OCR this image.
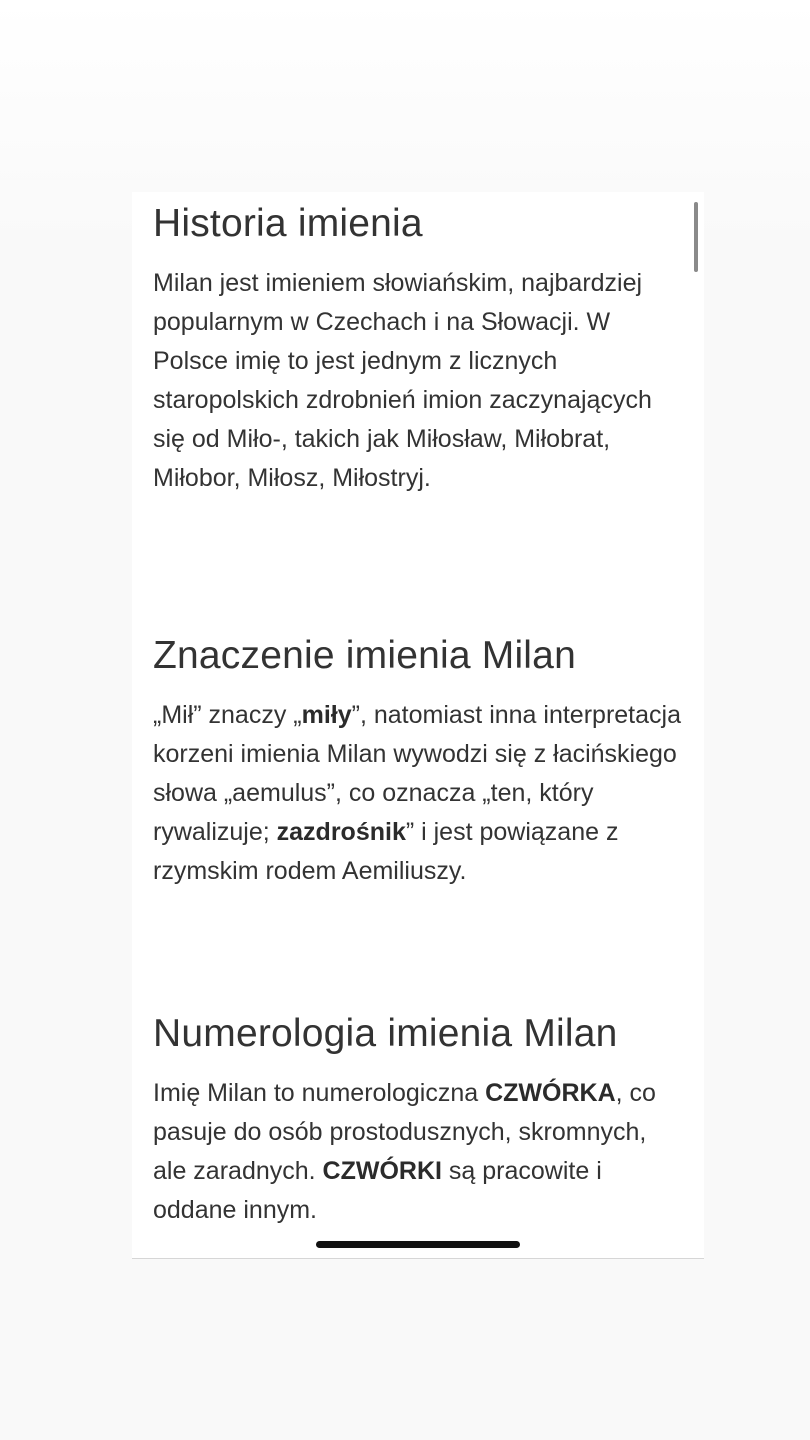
Historia imienia

Milan jest imieniem słowiańskim, najbardziej popularnym w Czechach i na Słowacji. W Polsce imię to jest jednym z licznych staropolskich zdrobnień imion zaczynających się od Miło-, takich jak Miłosław, Miłobrat, Miłobor, Miłosz, Miłostryj.

Znaczenie imienia Milan

„Mił” znaczy „miły”, natomiast inna interpretacja korzeni imienia Milan wywodzi się z łacińskiego słowa „aemulus”, co oznacza „ten, który rywalizuje; zazdrośnik” i jest powiązane z rzymskim rodem Aemiliuszy.

Numerologia imienia Milan

Imię Milan to numerologiczna CZWÓRKA, co pasuje do osób prostodusznych, skromnych, ale zaradnych. CZWÓRKI są pracowite i oddane innym.
